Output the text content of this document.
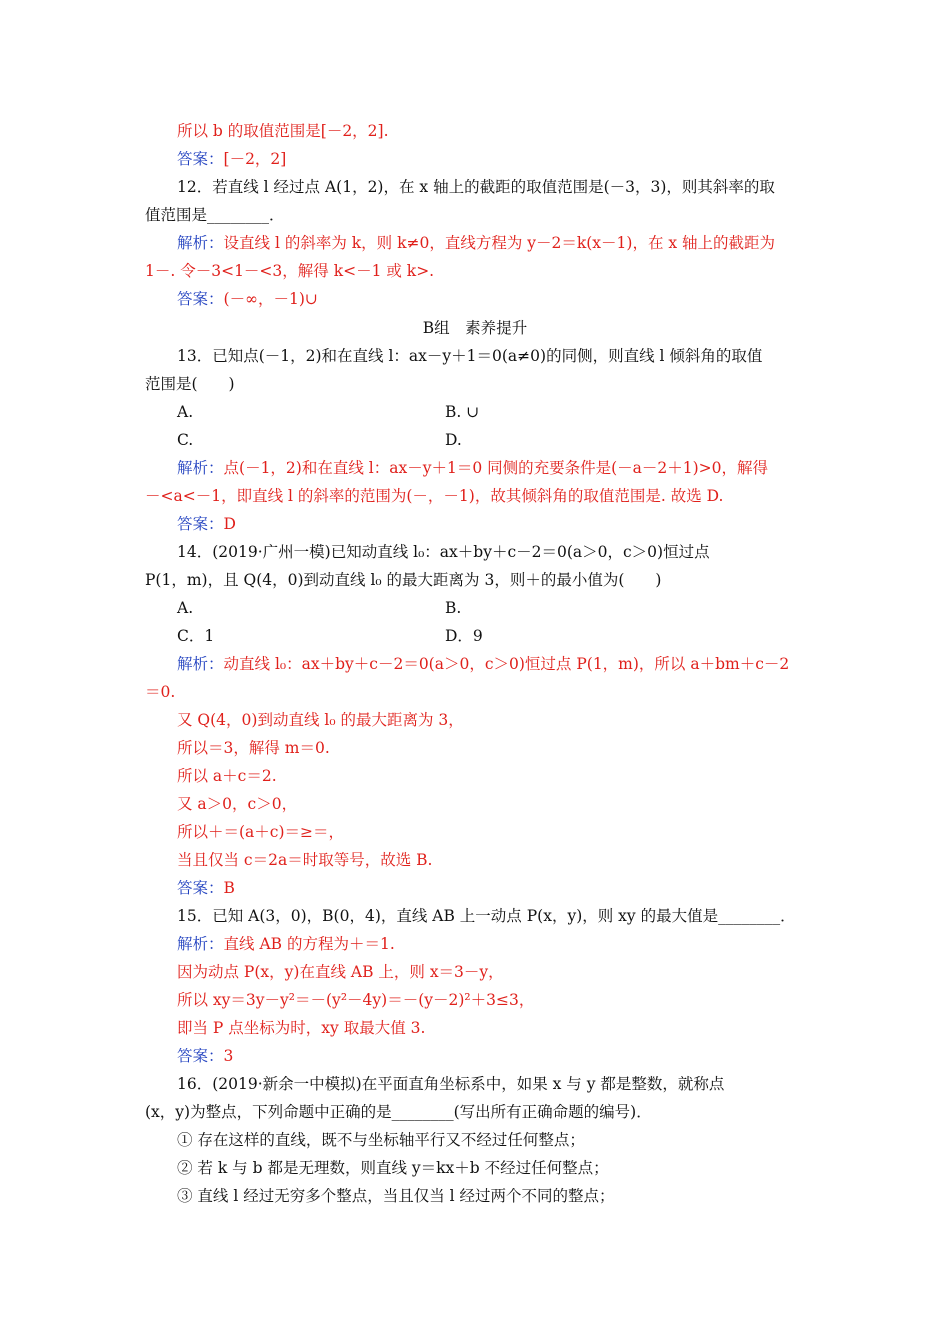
所以 b 的取值范围是[－2，2].
答案：[－2，2]
12．若直线 l 经过点 A(1，2)，在 x 轴上的截距的取值范围是(－3，3)，则其斜率的取
值范围是________．
解析：设直线 l 的斜率为 k，则 k≠0，直线方程为 y－2＝k(x－1)，在 x 轴上的截距为
1－. 令－3<1－<3，解得 k<－1 或 k>.
答案：(－∞，－1)∪
B组　素养提升
13．已知点(－1，2)和在直线 l：ax－y＋1＝0(a≠0)的同侧，则直线 l 倾斜角的取值
范围是(　　)
A.	B. ∪
C.	D.
解析：点(－1，2)和在直线 l：ax－y＋1＝0 同侧的充要条件是(－a－2＋1)>0，解得
－<a<－1，即直线 l 的斜率的范围为(－，－1)，故其倾斜角的取值范围是. 故选 D.
答案：D
14．(2019·广州一模)已知动直线 l₀：ax＋by＋c－2＝0(a＞0，c＞0)恒过点
P(1，m)，且 Q(4，0)到动直线 l₀ 的最大距离为 3，则＋的最小值为(　　)
A.	B.
C．1	D．9
解析：动直线 l₀：ax＋by＋c－2＝0(a＞0，c＞0)恒过点 P(1，m)，所以 a＋bm＋c－2
＝0.
又 Q(4，0)到动直线 l₀ 的最大距离为 3，
所以＝3，解得 m＝0.
所以 a＋c＝2.
又 a＞0，c＞0，
所以＋＝(a＋c)＝≥＝，
当且仅当 c＝2a＝时取等号，故选 B.
答案：B
15．已知 A(3，0)，B(0，4)，直线 AB 上一动点 P(x，y)，则 xy 的最大值是________．
解析：直线 AB 的方程为＋＝1.
因为动点 P(x，y)在直线 AB 上，则 x＝3－y，
所以 xy＝3y－y²＝－(y²－4y)＝－(y－2)²＋3≤3，
即当 P 点坐标为时，xy 取最大值 3.
答案：3
16．(2019·新余一中模拟)在平面直角坐标系中，如果 x 与 y 都是整数，就称点
(x，y)为整点，下列命题中正确的是________(写出所有正确命题的编号)．
① 存在这样的直线，既不与坐标轴平行又不经过任何整点；
② 若 k 与 b 都是无理数，则直线 y＝kx＋b 不经过任何整点；
③ 直线 l 经过无穷多个整点，当且仅当 l 经过两个不同的整点；
